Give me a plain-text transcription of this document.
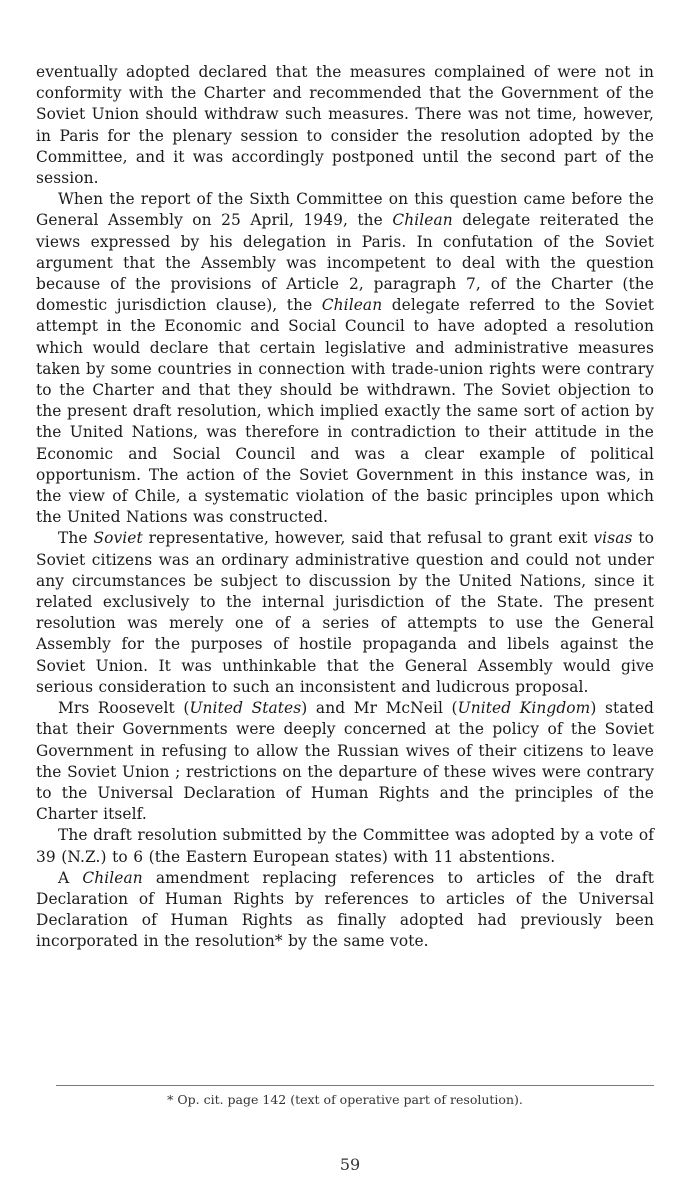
eventually adopted declared that the measures complained of were not in conformity with the Charter and recommended that the Government of the Soviet Union should withdraw such measures. There was not time, however, in Paris for the plenary session to consider the resolution adopted by the Committee, and it was accordingly postponed until the second part of the session.

When the report of the Sixth Committee on this question came before the General Assembly on 25 April, 1949, the Chilean delegate reiterated the views expressed by his delegation in Paris. In confutation of the Soviet argument that the Assembly was incompetent to deal with the question because of the provisions of Article 2, paragraph 7, of the Charter (the domestic jurisdiction clause), the Chilean delegate referred to the Soviet attempt in the Economic and Social Council to have adopted a resolution which would declare that certain legislative and administrative measures taken by some countries in connection with trade-union rights were contrary to the Charter and that they should be withdrawn. The Soviet objection to the present draft resolution, which implied exactly the same sort of action by the United Nations, was therefore in contradiction to their attitude in the Economic and Social Council and was a clear example of political opportunism. The action of the Soviet Government in this instance was, in the view of Chile, a systematic violation of the basic principles upon which the United Nations was constructed.

The Soviet representative, however, said that refusal to grant exit visas to Soviet citizens was an ordinary administrative question and could not under any circumstances be subject to discussion by the United Nations, since it related exclusively to the internal jurisdiction of the State. The present resolution was merely one of a series of attempts to use the General Assembly for the purposes of hostile propaganda and libels against the Soviet Union. It was unthinkable that the General Assembly would give serious consideration to such an inconsistent and ludicrous proposal.

Mrs Roosevelt (United States) and Mr McNeil (United Kingdom) stated that their Governments were deeply concerned at the policy of the Soviet Government in refusing to allow the Russian wives of their citizens to leave the Soviet Union ; restrictions on the departure of these wives were contrary to the Universal Declaration of Human Rights and the principles of the Charter itself.

The draft resolution submitted by the Committee was adopted by a vote of 39 (N.Z.) to 6 (the Eastern European states) with 11 abstentions.

A Chilean amendment replacing references to articles of the draft Declaration of Human Rights by references to articles of the Universal Declaration of Human Rights as finally adopted had previously been incorporated in the resolution* by the same vote.

* Op. cit. page 142 (text of operative part of resolution).
59
